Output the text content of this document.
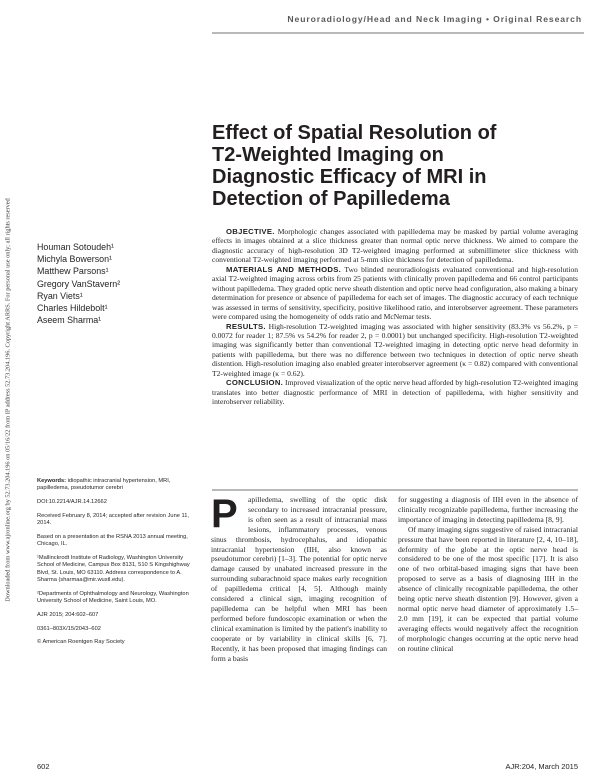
Neuroradiology/Head and Neck Imaging • Original Research
Downloaded from www.ajronline.org by 52.73.204.196 on 05/16/22 from IP address 52.73.204.196. Copyright ARRS. For personal use only; all rights reserved
Effect of Spatial Resolution of
T2-Weighted Imaging on
Diagnostic Efficacy of MRI in
Detection of Papilledema
Houman Sotoudeh¹
Michyla Bowerson¹
Matthew Parsons¹
Gregory VanStavern²
Ryan Viets¹
Charles Hildebolt¹
Aseem Sharma¹

OBJECTIVE. Morphologic changes associated with papilledema may be masked by partial volume averaging effects in images obtained at a slice thickness greater than normal optic nerve thickness. We aimed to compare the diagnostic accuracy of high-resolution 3D T2-weighted imaging performed at submillimeter slice thickness with conventional T2-weighted imaging performed at 5-mm slice thickness for detection of papilledema.

MATERIALS AND METHODS. Two blinded neuroradiologists evaluated conventional and high-resolution axial T2-weighted imaging across orbits from 25 patients with clinically proven papilledema and 66 control participants without papilledema. They graded optic nerve sheath distention and optic nerve head configuration, also making a binary determination for presence or absence of papilledema for each set of images. The diagnostic accuracy of each technique was assessed in terms of sensitivity, specificity, positive likelihood ratio, and interobserver agreement. These parameters were compared using the homogeneity of odds ratio and McNemar tests.

RESULTS. High-resolution T2-weighted imaging was associated with higher sensitivity (83.3% vs 56.2%, p = 0.0072 for reader 1; 87.5% vs 54.2% for reader 2, p = 0.0001) but unchanged specificity. High-resolution T2-weighted imaging was significantly better than conventional T2-weighted imaging in detecting optic nerve head deformity in patients with papilledema, but there was no difference between two techniques in detection of optic nerve sheath distention. High-resolution imaging also enabled greater interobserver agreement (κ = 0.82) compared with conventional T2-weighted image (κ = 0.62).

CONCLUSION. Improved visualization of the optic nerve head afforded by high-resolution T2-weighted imaging translates into better diagnostic performance of MRI in detection of papilledema, with higher sensitivity and interobserver reliability.

Keywords: idiopathic intracranial hypertension, MRI, papilledema, pseudotumor cerebri

DOI:10.2214/AJR.14.12662

Received February 8, 2014; accepted after revision June 11, 2014.

Based on a presentation at the RSNA 2013 annual meeting, Chicago, IL.

¹Mallinckrodt Institute of Radiology, Washington University School of Medicine, Campus Box 8131, 510 S Kingshighway Blvd, St. Louis, MO 63110. Address correspondence to A. Sharma (sharmaa@mir.wustl.edu).

²Departments of Ophthalmology and Neurology, Washington University School of Medicine, Saint Louis, MO.

AJR 2015; 204:602–607

0361–803X/15/2043–602

© American Roentgen Ray Society

P	apilledema, swelling of the optic disk secondary to increased intracranial pressure, is often seen as a result of intracranial mass lesions, inflammatory processes, venous sinus thrombosis, hydrocephalus, and idiopathic intracranial hypertension (IIH, also known as pseudotumor cerebri) [1–3]. The potential for optic nerve damage caused by unabated increased pressure in the surrounding subarachnoid space makes early recognition of papilledema critical [4, 5]. Although mainly considered a clinical sign, imaging recognition of papilledema can be helpful when MRI has been performed before fundoscopic examination or when the clinical examination is limited by the patient's inability to cooperate or by variability in clinical skills [6, 7]. Recently, it has been proposed that imaging findings can form a basis

for suggesting a diagnosis of IIH even in the absence of clinically recognizable papilledema, further increasing the importance of imaging in detecting papilledema [8, 9].

Of many imaging signs suggestive of raised intracranial pressure that have been reported in literature [2, 4, 10–18], deformity of the globe at the optic nerve head is considered to be one of the most specific [17]. It is also one of two orbital-based imaging signs that have been proposed to serve as a basis of diagnosing IIH in the absence of clinically recognizable papilledema, the other being optic nerve sheath distention [9]. However, given a normal optic nerve head diameter of approximately 1.5–2.0 mm [19], it can be expected that partial volume averaging effects would negatively affect the recognition of morphologic changes occurring at the optic nerve head on routine clinical

602	AJR:204, March 2015
